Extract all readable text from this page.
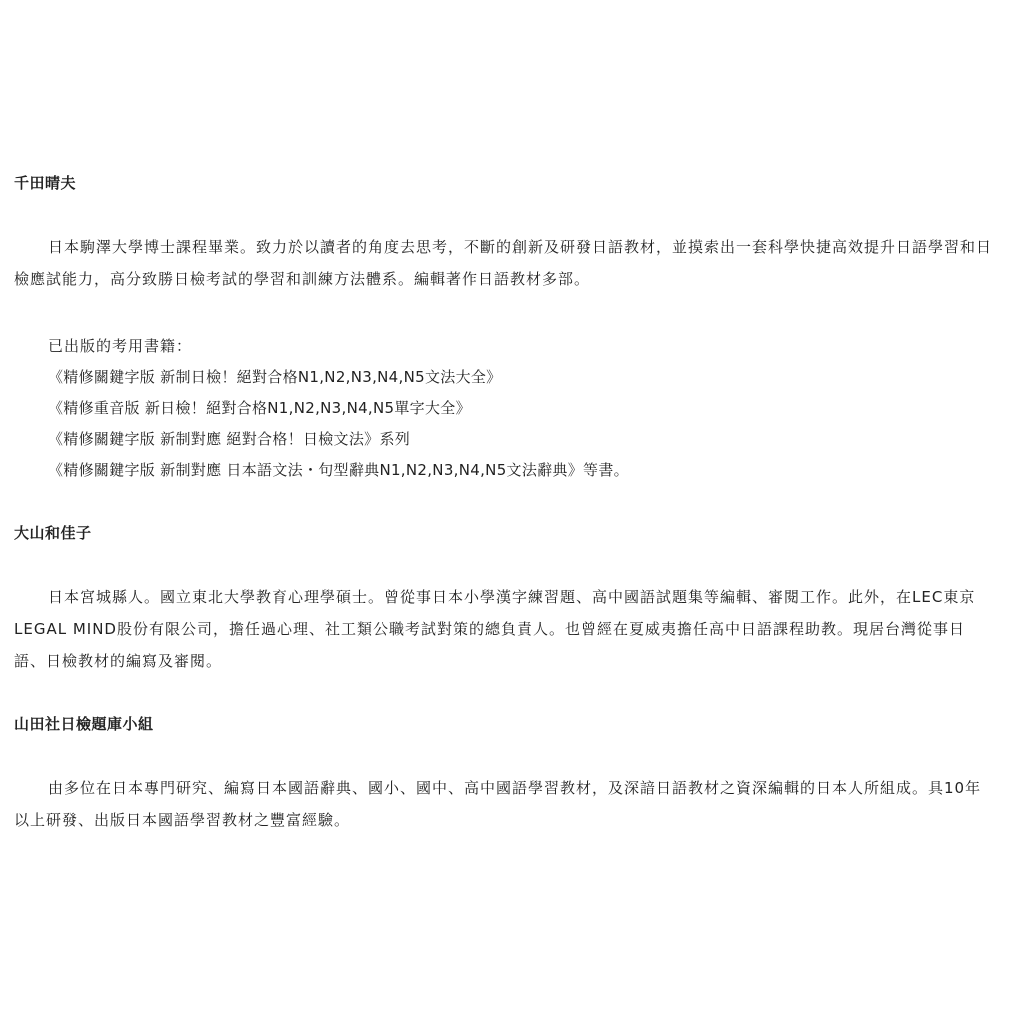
千田晴夫

日本駒澤大學博士課程畢業。致力於以讀者的角度去思考，不斷的創新及研發日語教材，並摸索出一套科學快捷高效提升日語學習和日檢應試能力，高分致勝日檢考試的學習和訓練方法體系。編輯著作日語教材多部。

已出版的考用書籍：

《精修關鍵字版 新制日檢！絕對合格N1,N2,N3,N4,N5文法大全》

《精修重音版 新日檢！絕對合格N1,N2,N3,N4,N5單字大全》

《精修關鍵字版 新制對應 絕對合格！日檢文法》系列

《精修關鍵字版 新制對應 日本語文法・句型辭典N1,N2,N3,N4,N5文法辭典》等書。

大山和佳子

日本宮城縣人。國立東北大學教育心理學碩士。曾從事日本小學漢字練習題、高中國語試題集等編輯、審閱工作。此外，在LEC東京 LEGAL MIND股份有限公司，擔任過心理、社工類公職考試對策的總負責人。也曾經在夏威夷擔任高中日語課程助教。現居台灣從事日語、日檢教材的編寫及審閱。

山田社日檢題庫小組

由多位在日本專門研究、編寫日本國語辭典、國小、國中、高中國語學習教材，及深諳日語教材之資深編輯的日本人所組成。具10年以上研發、出版日本國語學習教材之豐富經驗。
